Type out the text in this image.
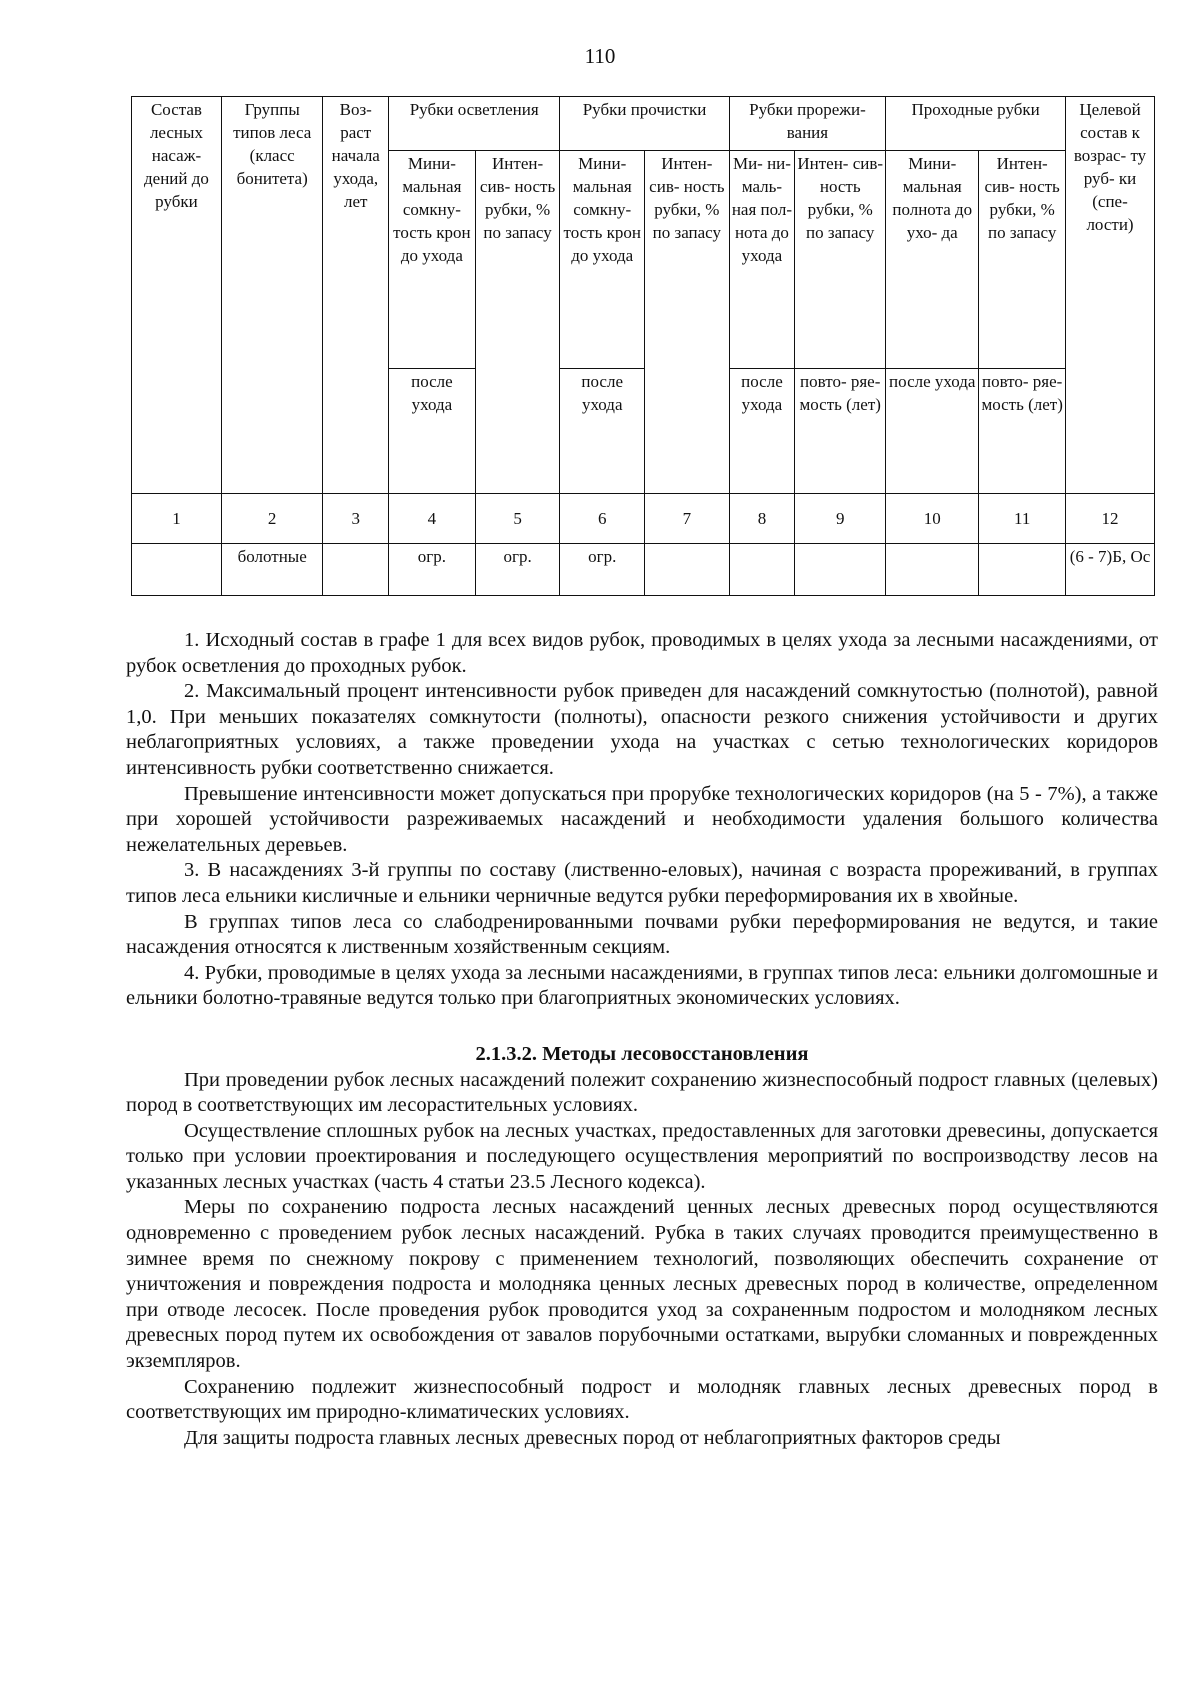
110
Состав лесных насаж- дений до рубки	Группы типов леса (класс бонитета)	Воз- раст начала ухода, лет	Рубки осветления		Рубки прочистки		Рубки прорежи- вания		Проходные рубки		Целевой состав к возрас- ту руб- ки (спе- лости)
			Мини- мальная сомкну- тость крон до ухода	Интен- сив- ность рубки, % по запасу	Мини- мальная сомкну- тость крон до ухода	Интен- сив- ность рубки, % по запасу	Ми- ни- маль- ная пол- нота до ухода	Интен- сив- ность рубки, % по запасу	Мини- мальная полнота до ухо- да	Интен- сив- ность рубки, % по запасу	
			после ухода		после ухода		после ухода	повто- ряе- мость (лет)	после ухода	повто- ряе- мость (лет)	
1	2	3	4	5	6	7	8	9	10	11	12
	болотные		огр.	огр.	огр.						(6 - 7)Б, Ос

1. Исходный состав в графе 1 для всех видов рубок, проводимых в целях ухода за лесными насаждениями, от рубок осветления до проходных рубок.

2. Максимальный процент интенсивности рубок приведен для насаждений сомкнутостью (полнотой), равной 1,0. При меньших показателях сомкнутости (полноты), опасности резкого снижения устойчивости и других неблагоприятных условиях, а также проведении ухода на участках с сетью технологических коридоров интенсивность рубки соответственно снижается.

Превышение интенсивности может допускаться при прорубке технологических коридоров (на 5 - 7%), а также при хорошей устойчивости разреживаемых насаждений и необходимости удаления большого количества нежелательных деревьев.

3. В насаждениях 3-й группы по составу (лиственно-еловых), начиная с возраста прореживаний, в группах типов леса ельники кисличные и ельники черничные ведутся рубки переформирования их в хвойные.

В группах типов леса со слабодренированными почвами рубки переформирования не ведутся, и такие насаждения относятся к лиственным хозяйственным секциям.

4. Рубки, проводимые в целях ухода за лесными насаждениями, в группах типов леса: ельники долгомошные и ельники болотно-травяные ведутся только при благоприятных экономических условиях.

2.1.3.2. Методы лесовосстановления

При проведении рубок лесных насаждений полежит сохранению жизнеспособный подрост главных (целевых) пород в соответствующих им лесорастительных условиях.

Осуществление сплошных рубок на лесных участках, предоставленных для заготовки древесины, допускается только при условии проектирования и последующего осуществления мероприятий по воспроизводству лесов на указанных лесных участках (часть 4 статьи 23.5 Лесного кодекса).

Меры по сохранению подроста лесных насаждений ценных лесных древесных пород осуществляются одновременно с проведением рубок лесных насаждений. Рубка в таких случаях проводится преимущественно в зимнее время по снежному покрову с применением технологий, позволяющих обеспечить сохранение от уничтожения и повреждения подроста и молодняка ценных лесных древесных пород в количестве, определенном при отводе лесосек. После проведения рубок проводится уход за сохраненным подростом и молодняком лесных древесных пород путем их освобождения от завалов порубочными остатками, вырубки сломанных и поврежденных экземпляров.

Сохранению подлежит жизнеспособный подрост и молодняк главных лесных древесных пород в соответствующих им природно-климатических условиях.

Для защиты подроста главных лесных древесных пород от неблагоприятных факторов среды
